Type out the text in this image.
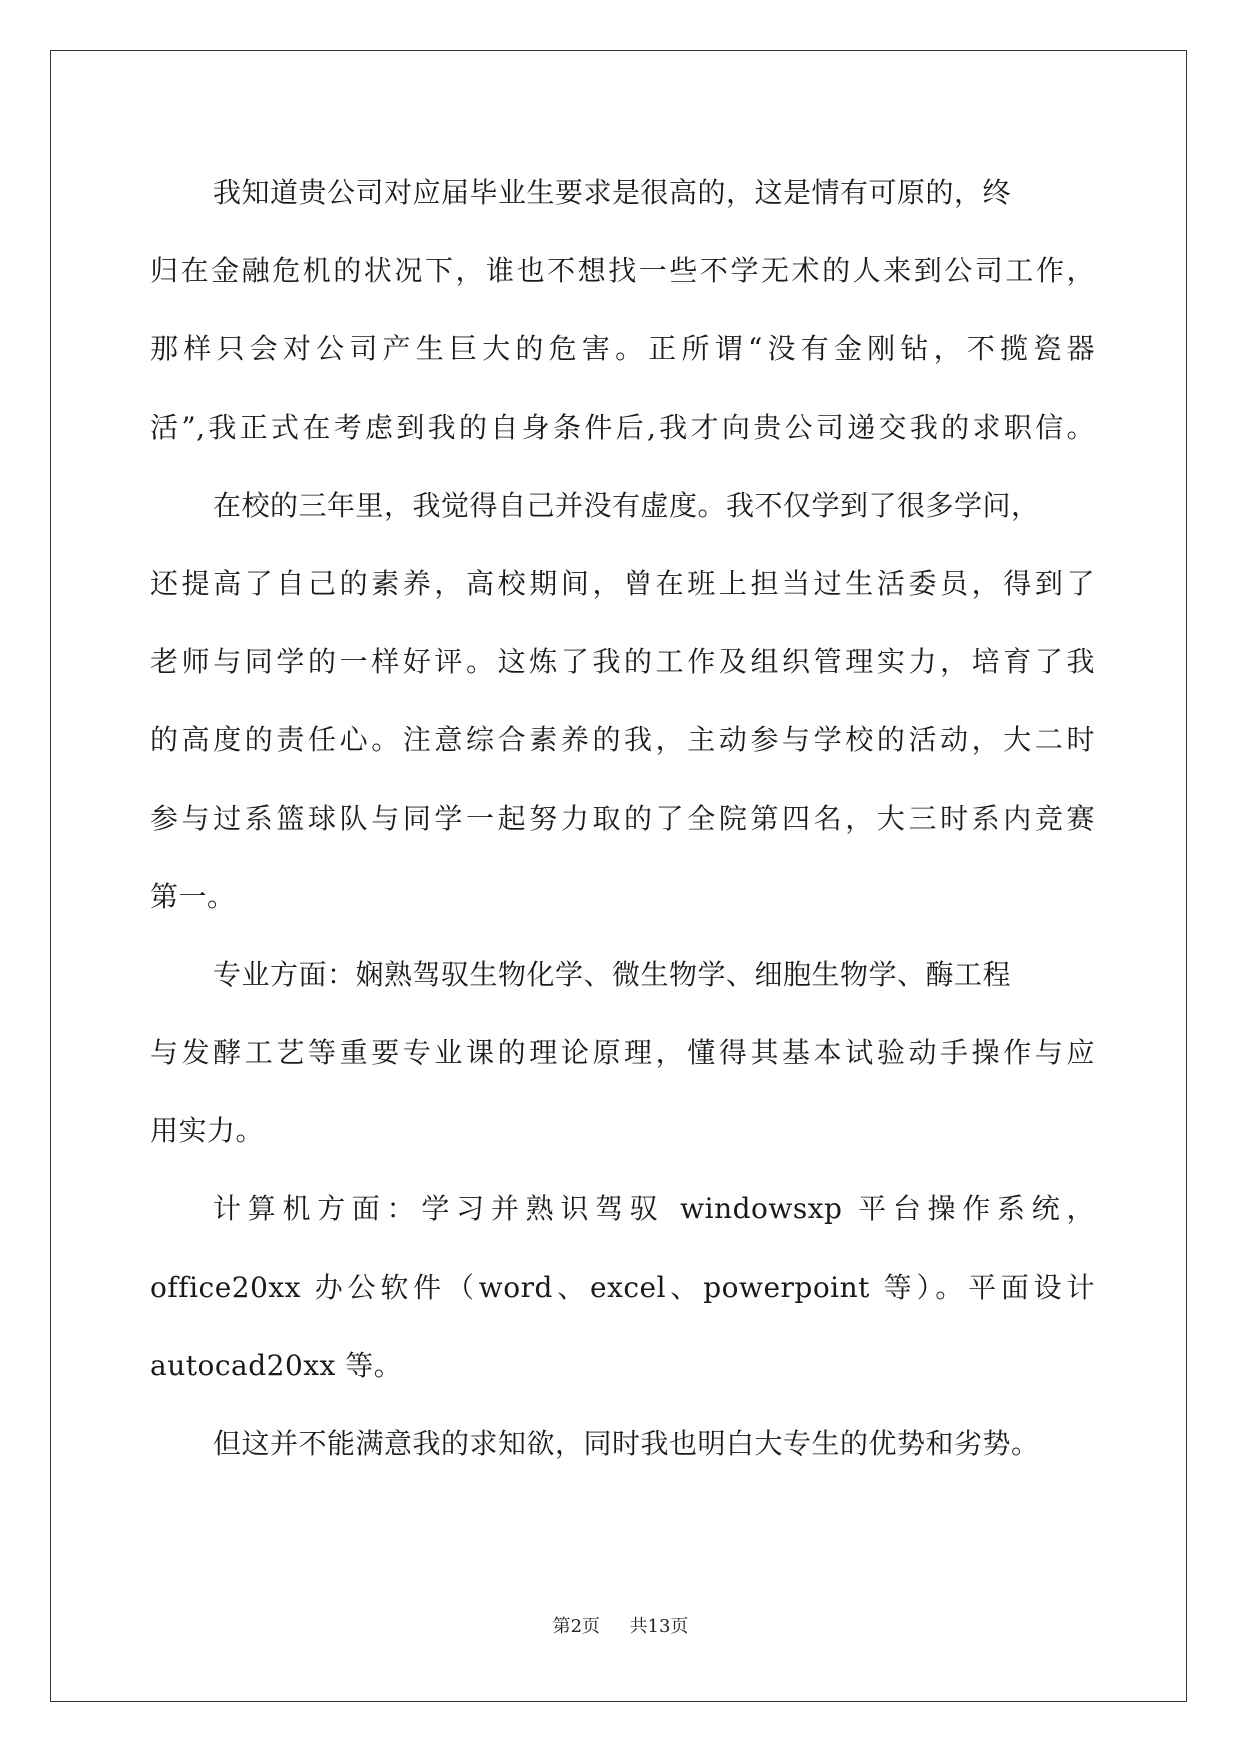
我知道贵公司对应届毕业生要求是很高的，这是情有可原的，终
归在金融危机的状况下，谁也不想找一些不学无术的人来到公司工作，
那样只会对公司产生巨大的危害。正所谓“没有金刚钻，不揽瓷器
活”,我正式在考虑到我的自身条件后,我才向贵公司递交我的求职信。
在校的三年里，我觉得自己并没有虚度。我不仅学到了很多学问，
还提高了自己的素养，高校期间，曾在班上担当过生活委员，得到了
老师与同学的一样好评。这炼了我的工作及组织管理实力，培育了我
的高度的责任心。注意综合素养的我，主动参与学校的活动，大二时
参与过系篮球队与同学一起努力取的了全院第四名，大三时系内竞赛
第一。
专业方面：娴熟驾驭生物化学、微生物学、细胞生物学、酶工程
与发酵工艺等重要专业课的理论原理，懂得其基本试验动手操作与应
用实力。
计算机方面：学习并熟识驾驭 windowsxp 平台操作系统，
office20xx 办公软件（word、excel、powerpoint 等）。平面设计
autocad20xx 等。
但这并不能满意我的求知欲，同时我也明白大专生的优势和劣势。
第2页 共13页
